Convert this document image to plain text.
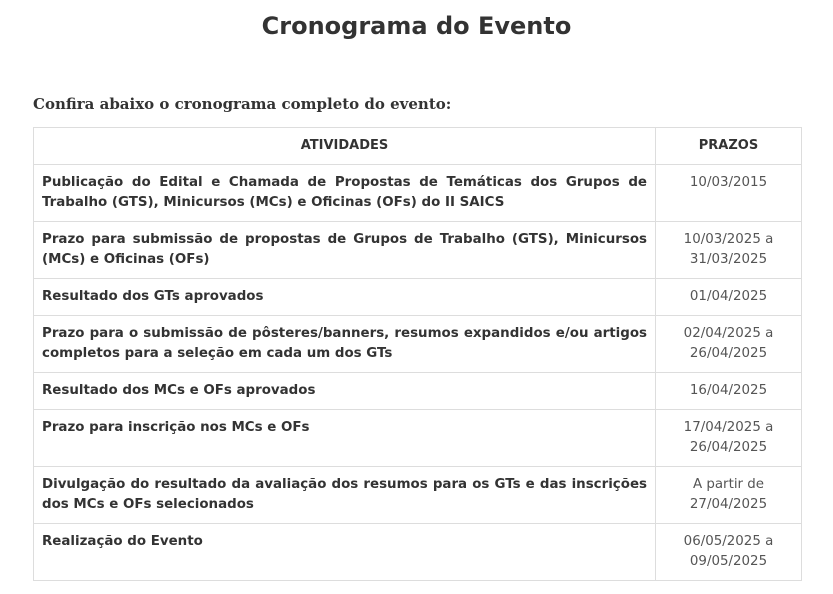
Cronograma do Evento
Confira abaixo o cronograma completo do evento:
ATIVIDADES	PRAZOS
Publicação do Edital e Chamada de Propostas de Temáticas dos Grupos de Trabalho (GTS), Minicursos (MCs) e Oficinas (OFs) do II SAICS	10/03/2015
Prazo para submissão de propostas de Grupos de Trabalho (GTS), Minicursos (MCs) e Oficinas (OFs)	10/03/2025 a 31/03/2025
Resultado dos GTs aprovados	01/04/2025
Prazo para o submissão de pôsteres/banners, resumos expandidos e/ou artigos completos para a seleção em cada um dos GTs	02/04/2025 a 26/04/2025
Resultado dos MCs e OFs aprovados	16/04/2025
Prazo para inscrição nos MCs e OFs	17/04/2025 a 26/04/2025
Divulgação do resultado da avaliação dos resumos para os GTs e das inscrições dos MCs e OFs selecionados	A partir de 27/04/2025
Realização do Evento	06/05/2025 a 09/05/2025
